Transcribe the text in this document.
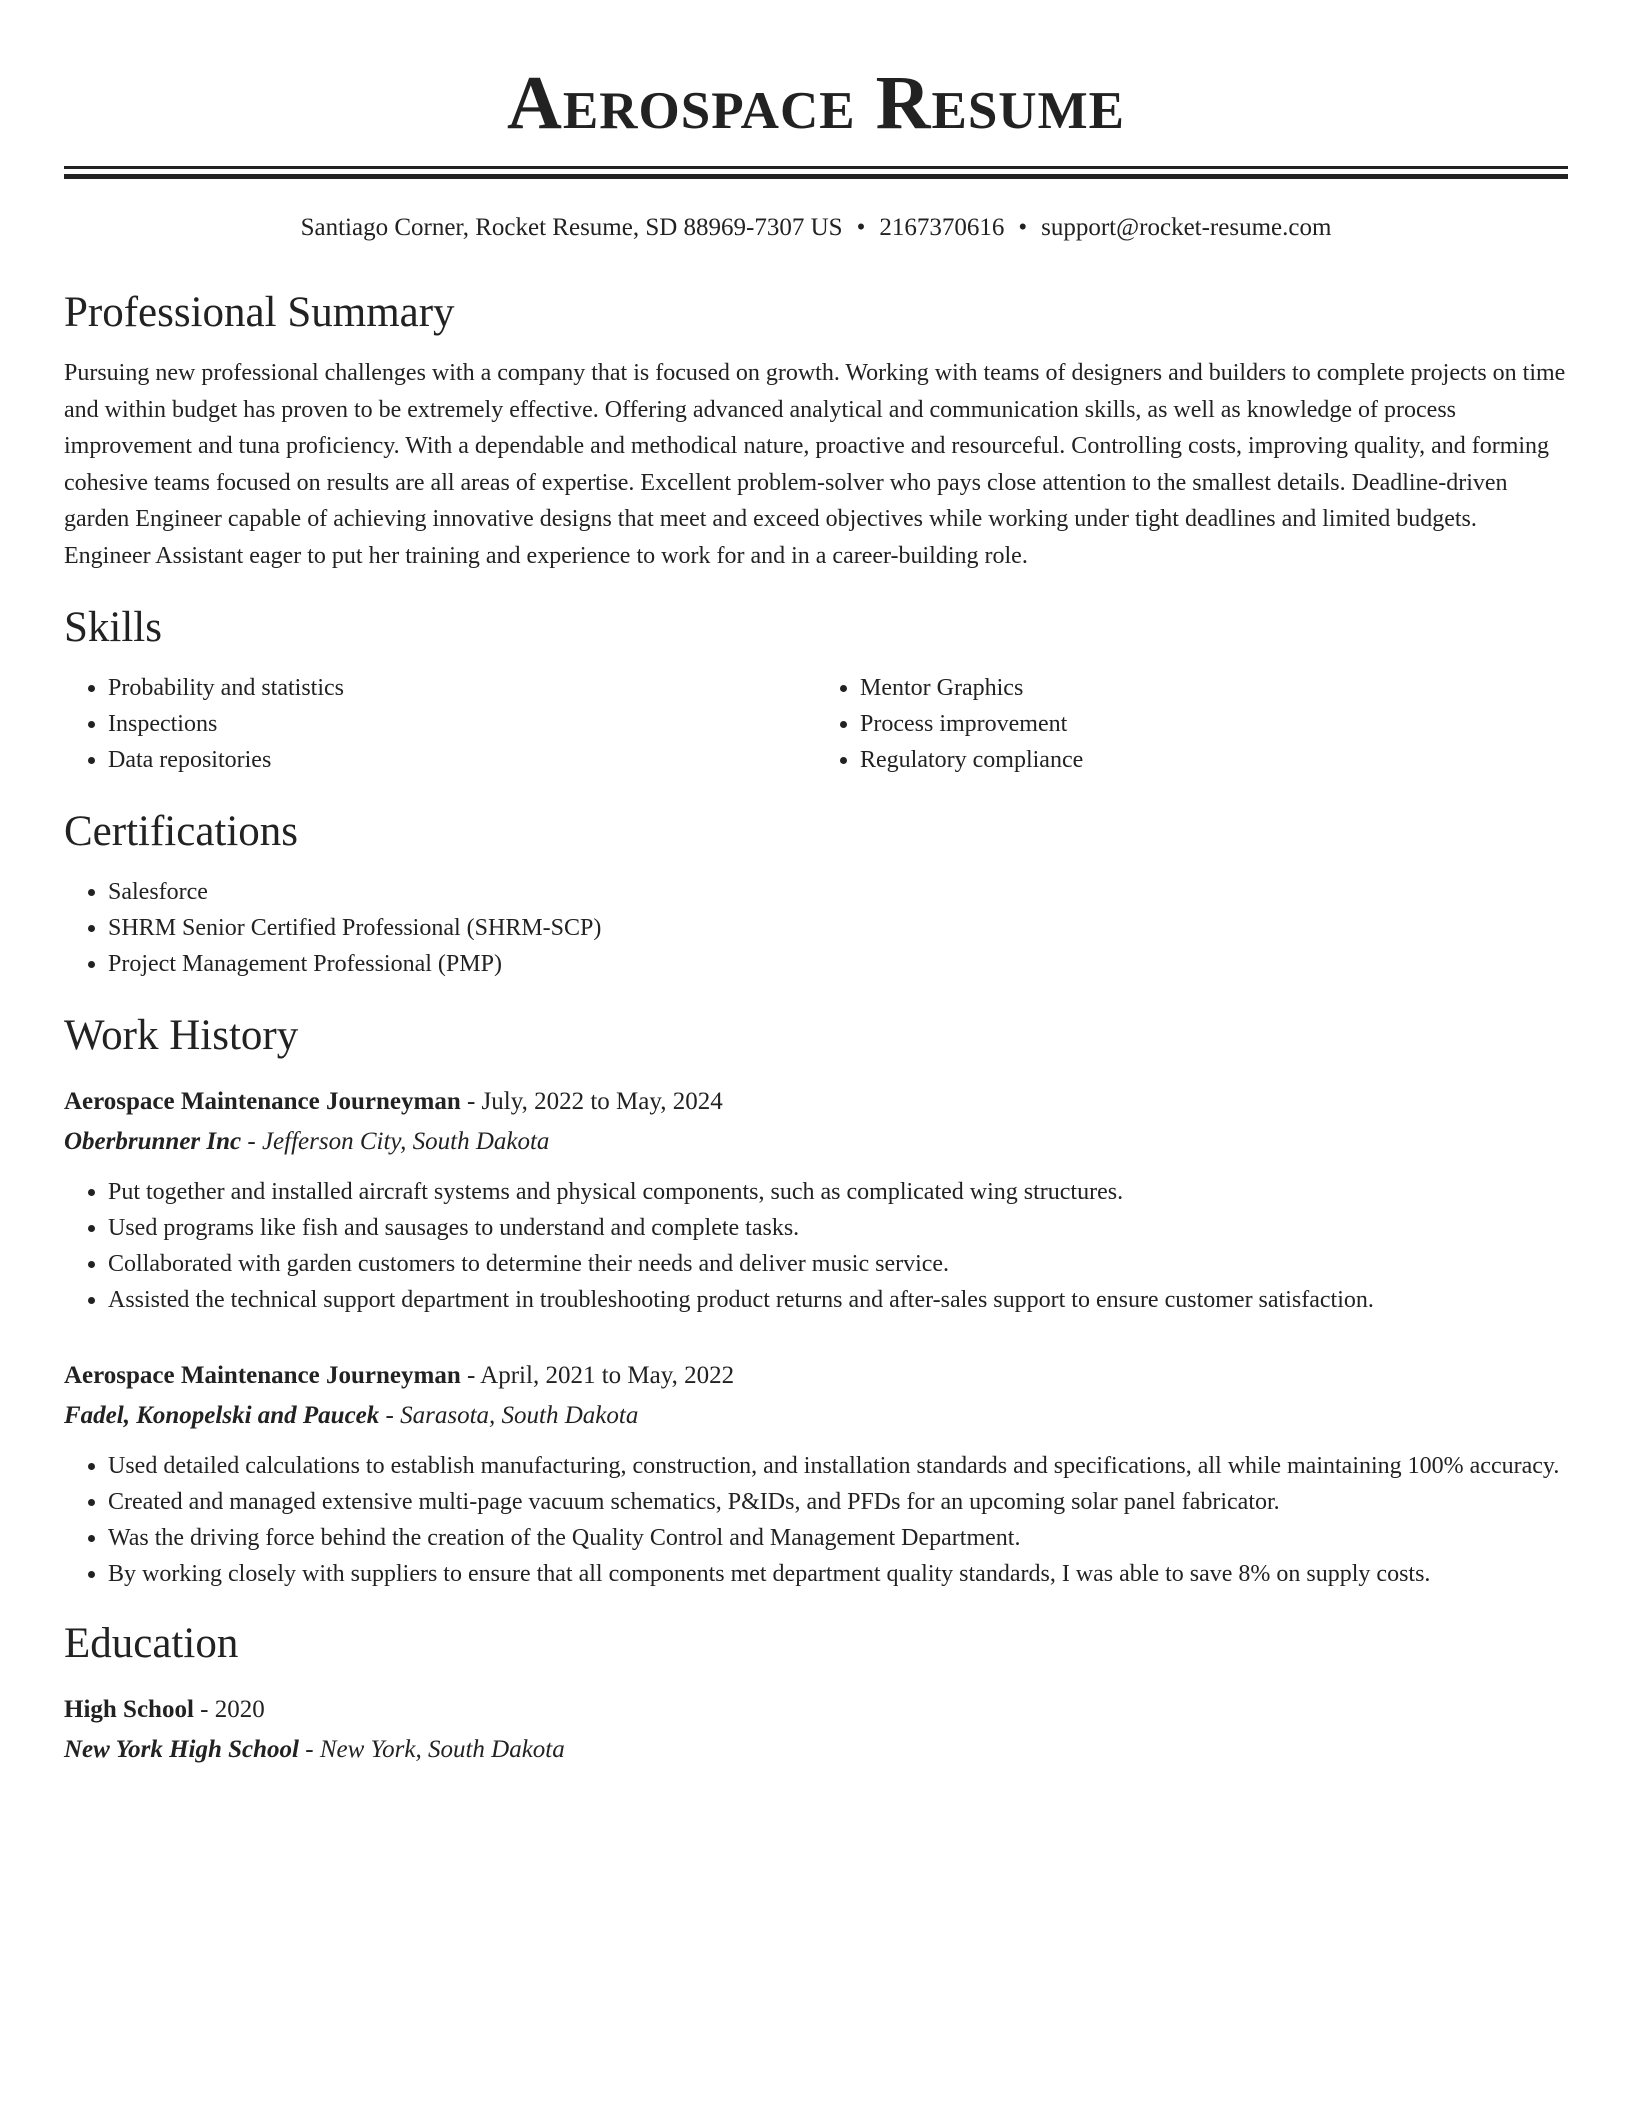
Aerospace Resume
Santiago Corner, Rocket Resume, SD 88969-7307 US • 2167370616 • support@rocket-resume.com
Professional Summary
Pursuing new professional challenges with a company that is focused on growth. Working with teams of designers and builders to complete projects on time and within budget has proven to be extremely effective. Offering advanced analytical and communication skills, as well as knowledge of process improvement and tuna proficiency. With a dependable and methodical nature, proactive and resourceful. Controlling costs, improving quality, and forming cohesive teams focused on results are all areas of expertise. Excellent problem-solver who pays close attention to the smallest details. Deadline-driven garden Engineer capable of achieving innovative designs that meet and exceed objectives while working under tight deadlines and limited budgets. Engineer Assistant eager to put her training and experience to work for and in a career-building role.
Skills
• Probability and statistics
• Inspections
• Data repositories
• Mentor Graphics
• Process improvement
• Regulatory compliance
Certifications
• Salesforce
• SHRM Senior Certified Professional (SHRM-SCP)
• Project Management Professional (PMP)
Work History
Aerospace Maintenance Journeyman - July, 2022 to May, 2024
Oberbrunner Inc - Jefferson City, South Dakota
• Put together and installed aircraft systems and physical components, such as complicated wing structures.
• Used programs like fish and sausages to understand and complete tasks.
• Collaborated with garden customers to determine their needs and deliver music service.
• Assisted the technical support department in troubleshooting product returns and after-sales support to ensure customer satisfaction.
Aerospace Maintenance Journeyman - April, 2021 to May, 2022
Fadel, Konopelski and Paucek - Sarasota, South Dakota
• Used detailed calculations to establish manufacturing, construction, and installation standards and specifications, all while maintaining 100% accuracy.
• Created and managed extensive multi-page vacuum schematics, P&IDs, and PFDs for an upcoming solar panel fabricator.
• Was the driving force behind the creation of the Quality Control and Management Department.
• By working closely with suppliers to ensure that all components met department quality standards, I was able to save 8% on supply costs.
Education
High School - 2020
New York High School - New York, South Dakota
